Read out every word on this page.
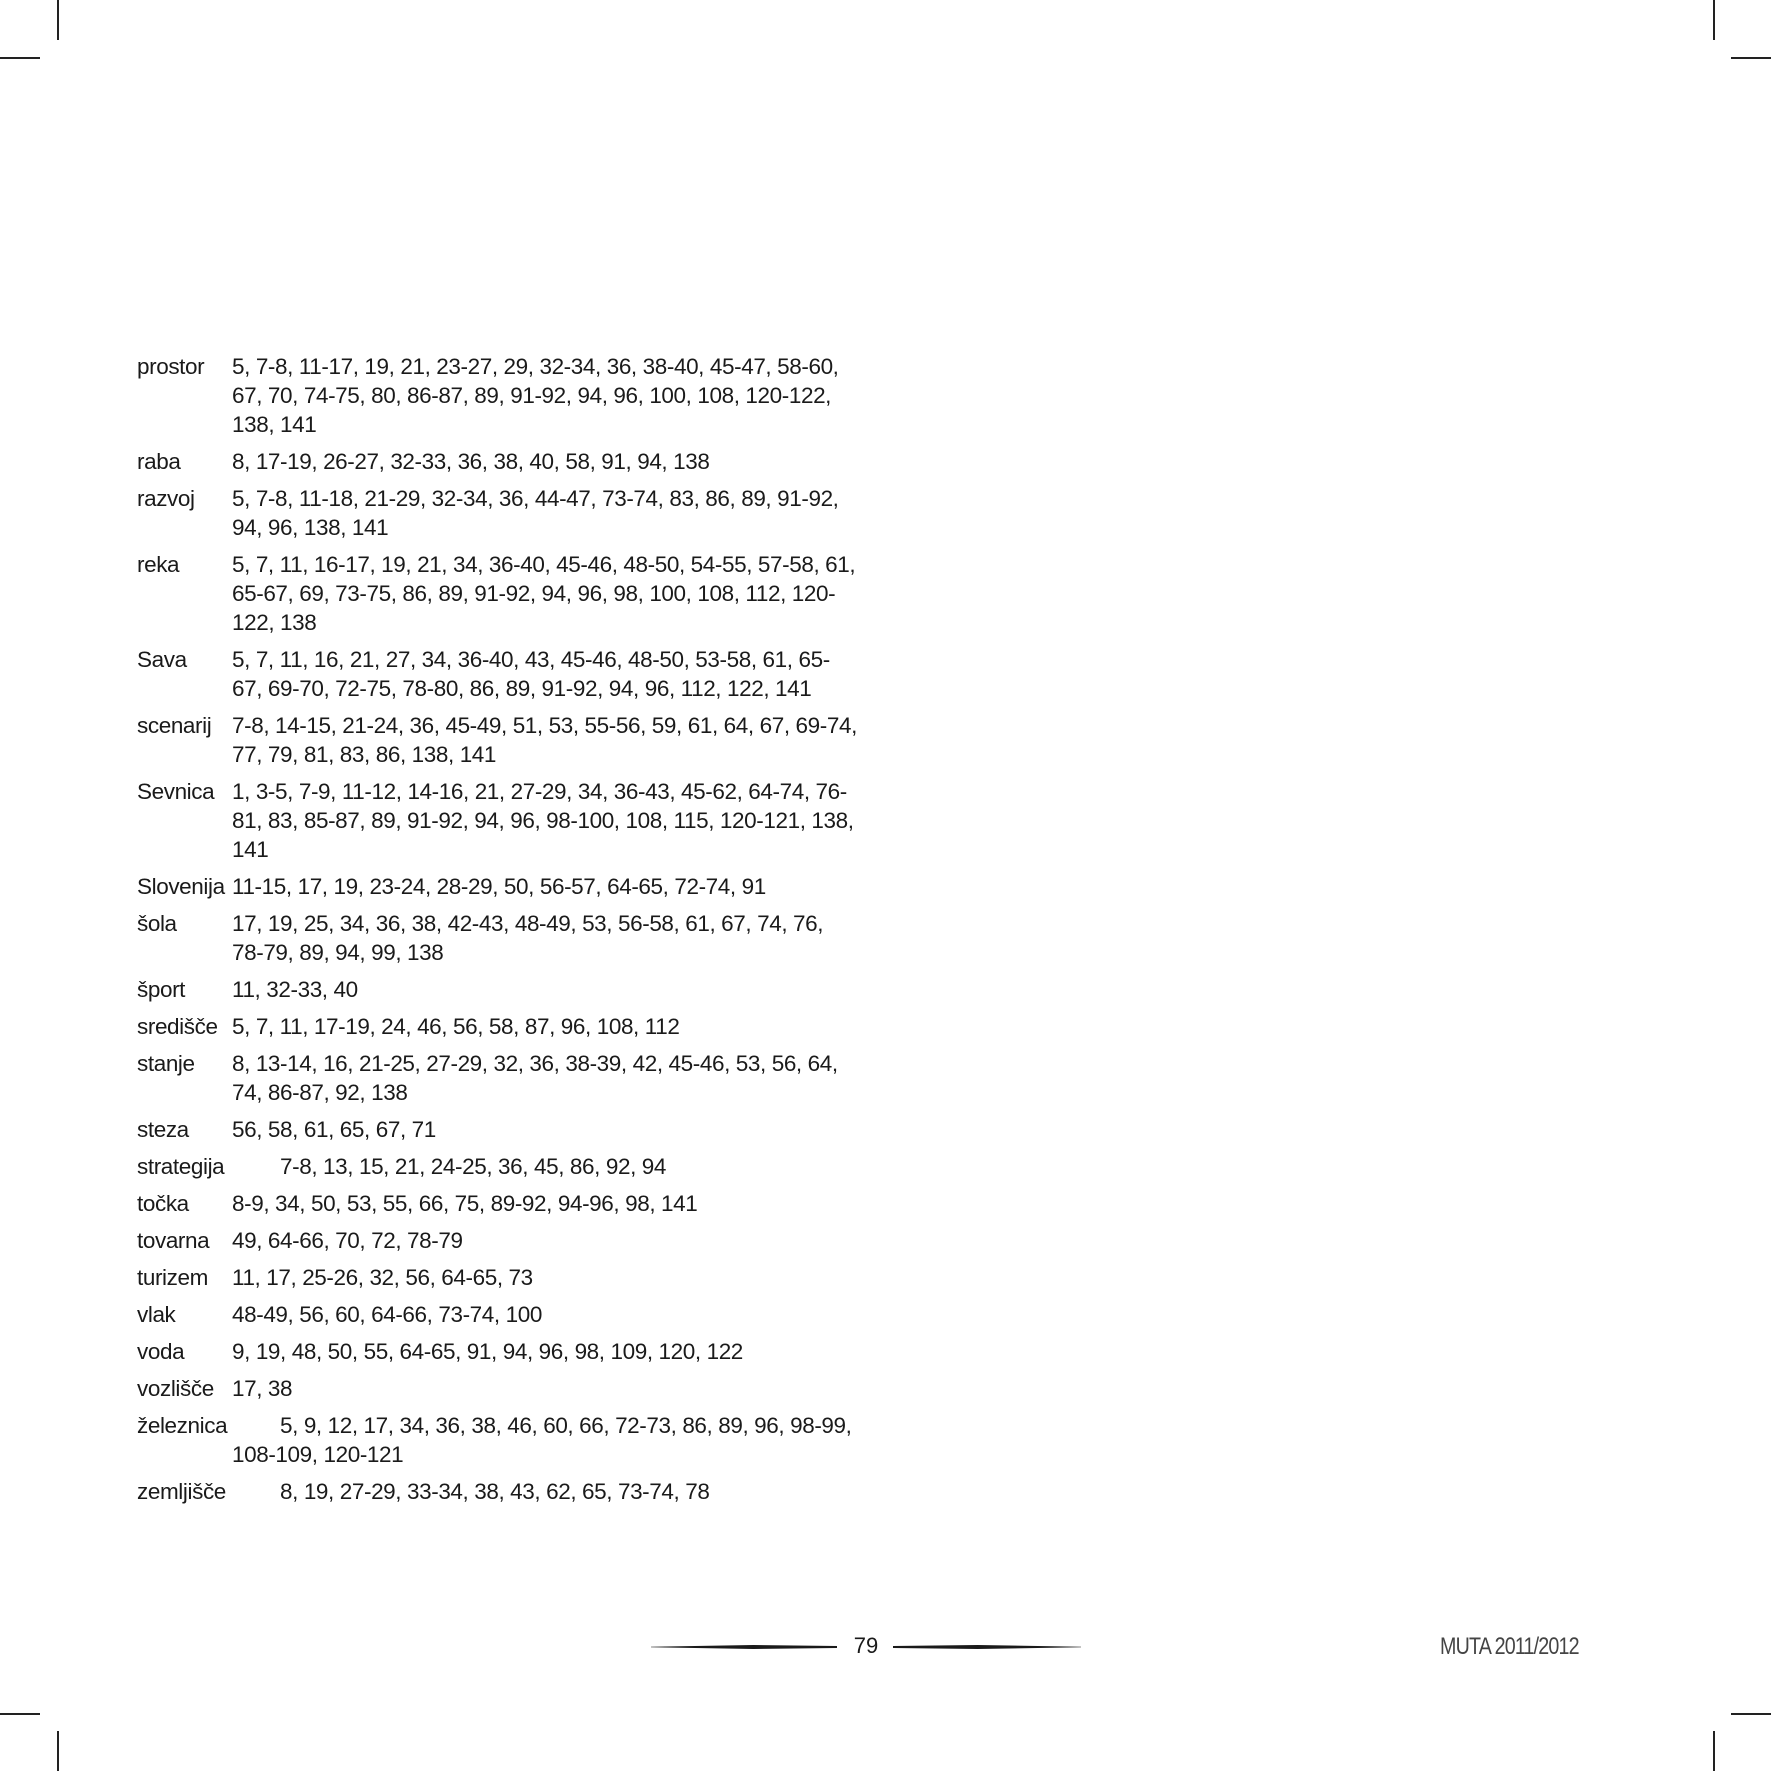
prostor 5, 7-8, 11-17, 19, 21, 23-27, 29, 32-34, 36, 38-40, 45-47, 58-60, 67, 70, 74-75, 80, 86-87, 89, 91-92, 94, 96, 100, 108, 120-122, 138, 141
raba 8, 17-19, 26-27, 32-33, 36, 38, 40, 58, 91, 94, 138
razvoj 5, 7-8, 11-18, 21-29, 32-34, 36, 44-47, 73-74, 83, 86, 89, 91-92, 94, 96, 138, 141
reka 5, 7, 11, 16-17, 19, 21, 34, 36-40, 45-46, 48-50, 54-55, 57-58, 61, 65-67, 69, 73-75, 86, 89, 91-92, 94, 96, 98, 100, 108, 112, 120-122, 138
Sava 5, 7, 11, 16, 21, 27, 34, 36-40, 43, 45-46, 48-50, 53-58, 61, 65-67, 69-70, 72-75, 78-80, 86, 89, 91-92, 94, 96, 112, 122, 141
scenarij 7-8, 14-15, 21-24, 36, 45-49, 51, 53, 55-56, 59, 61, 64, 67, 69-74, 77, 79, 81, 83, 86, 138, 141
Sevnica 1, 3-5, 7-9, 11-12, 14-16, 21, 27-29, 34, 36-43, 45-62, 64-74, 76-81, 83, 85-87, 89, 91-92, 94, 96, 98-100, 108, 115, 120-121, 138, 141
Slovenija 11-15, 17, 19, 23-24, 28-29, 50, 56-57, 64-65, 72-74, 91
šola 17, 19, 25, 34, 36, 38, 42-43, 48-49, 53, 56-58, 61, 67, 74, 76, 78-79, 89, 94, 99, 138
šport 11, 32-33, 40
središče 5, 7, 11, 17-19, 24, 46, 56, 58, 87, 96, 108, 112
stanje 8, 13-14, 16, 21-25, 27-29, 32, 36, 38-39, 42, 45-46, 53, 56, 64, 74, 86-87, 92, 138
steza 56, 58, 61, 65, 67, 71
strategija	7-8, 13, 15, 21, 24-25, 36, 45, 86, 92, 94
točka 8-9, 34, 50, 53, 55, 66, 75, 89-92, 94-96, 98, 141
tovarna 49, 64-66, 70, 72, 78-79
turizem 11, 17, 25-26, 32, 56, 64-65, 73
vlak	48-49, 56, 60, 64-66, 73-74, 100
voda 9, 19, 48, 50, 55, 64-65, 91, 94, 96, 98, 109, 120, 122
vozlišče 17, 38
železnica	5, 9, 12, 17, 34, 36, 38, 46, 60, 66, 72-73, 86, 89, 96, 98-99, 108-109, 120-121
zemljišče	8, 19, 27-29, 33-34, 38, 43, 62, 65, 73-74, 78
79	MUTA 2011/2012
